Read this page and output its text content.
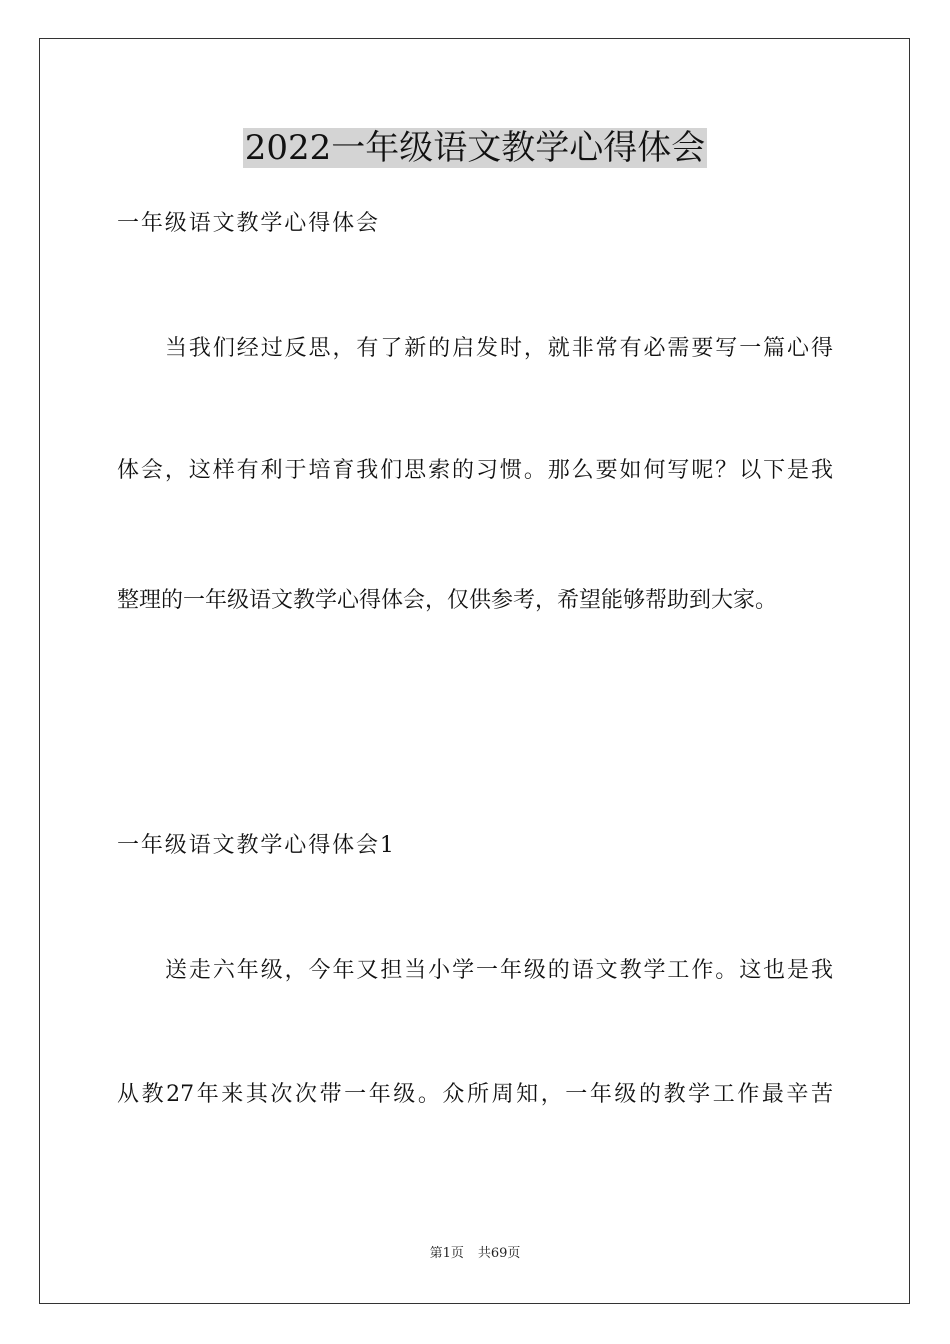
2022一年级语文教学心得体会
一年级语文教学心得体会
当我们经过反思，有了新的启发时，就非常有必需要写一篇心得
体会，这样有利于培育我们思索的习惯。那么要如何写呢？以下是我
整理的一年级语文教学心得体会，仅供参考，希望能够帮助到大家。
一年级语文教学心得体会1
送走六年级，今年又担当小学一年级的语文教学工作。这也是我
从教27年来其次次带一年级。众所周知，一年级的教学工作最辛苦
第1页 共69页
